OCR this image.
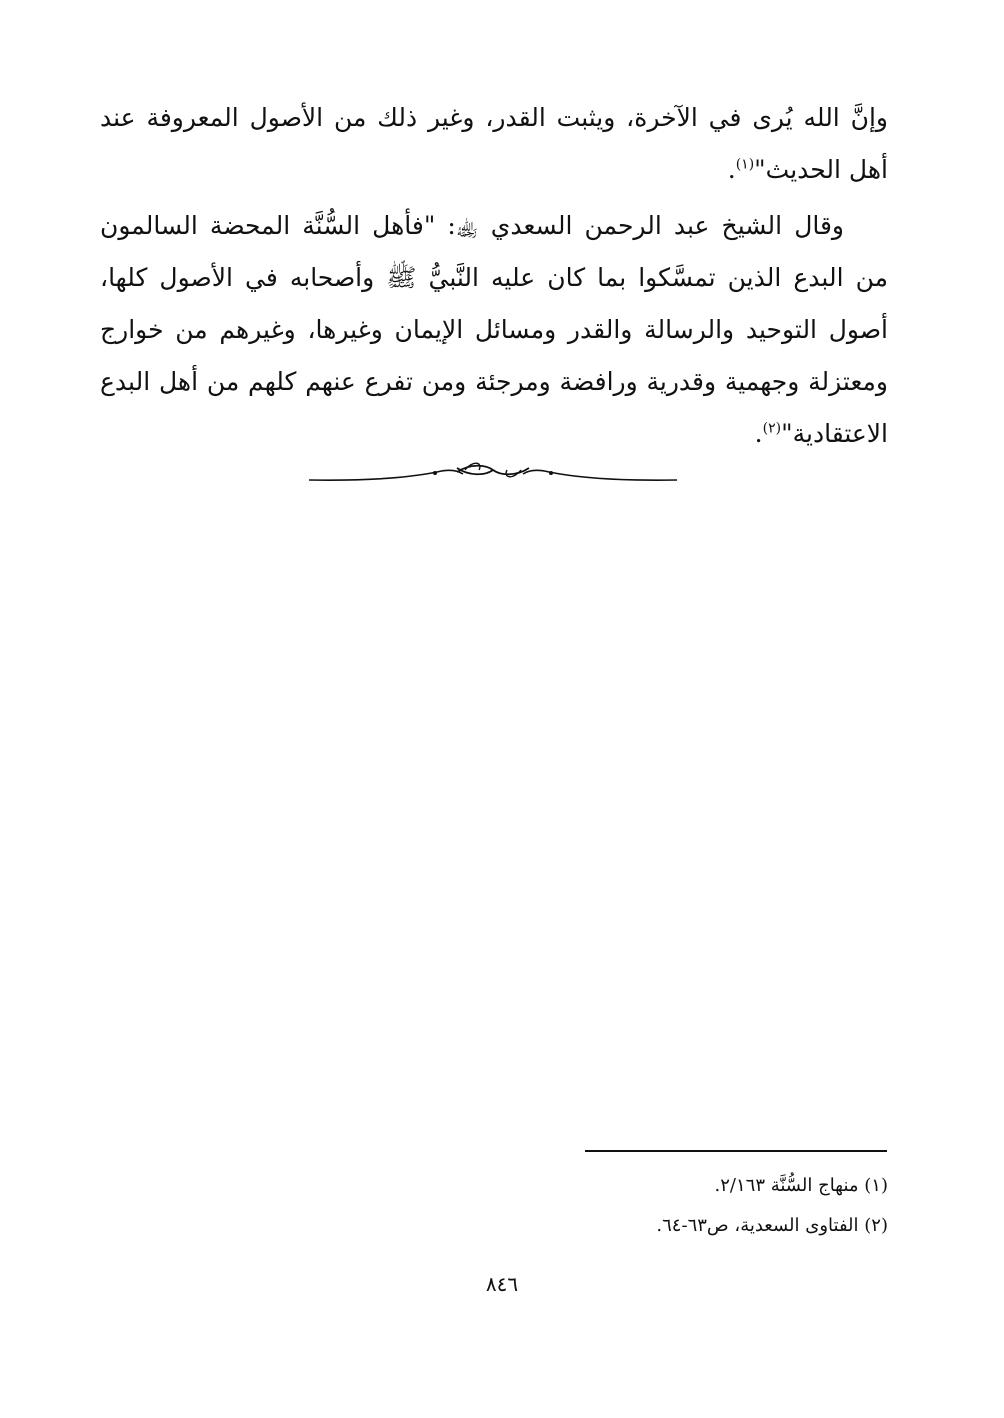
وإنَّ الله يُرى في الآخرة، ويثبت القدر، وغير ذلك من الأصول المعروفة عند أهل الحديث"$^{(١)}$.

وقال الشيخ عبد الرحمن السعدي ﵀: "فأهل السُّنَّة المحضة السالمون من البدع الذين تمسَّكوا بما كان عليه النَّبيُّ ﷺ وأصحابه في الأصول كلها، أصول التوحيد والرسالة والقدر ومسائل الإيمان وغيرها، وغيرهم من خوارج ومعتزلة وجهمية وقدرية ورافضة ومرجئة ومن تفرع عنهم كلهم من أهل البدع الاعتقادية"$^{(٢)}$.

(١) منهاج السُّنَّة ٢/١٦٣.

(٢) الفتاوى السعدية، ص٦٣-٦٤.

٨٤٦
